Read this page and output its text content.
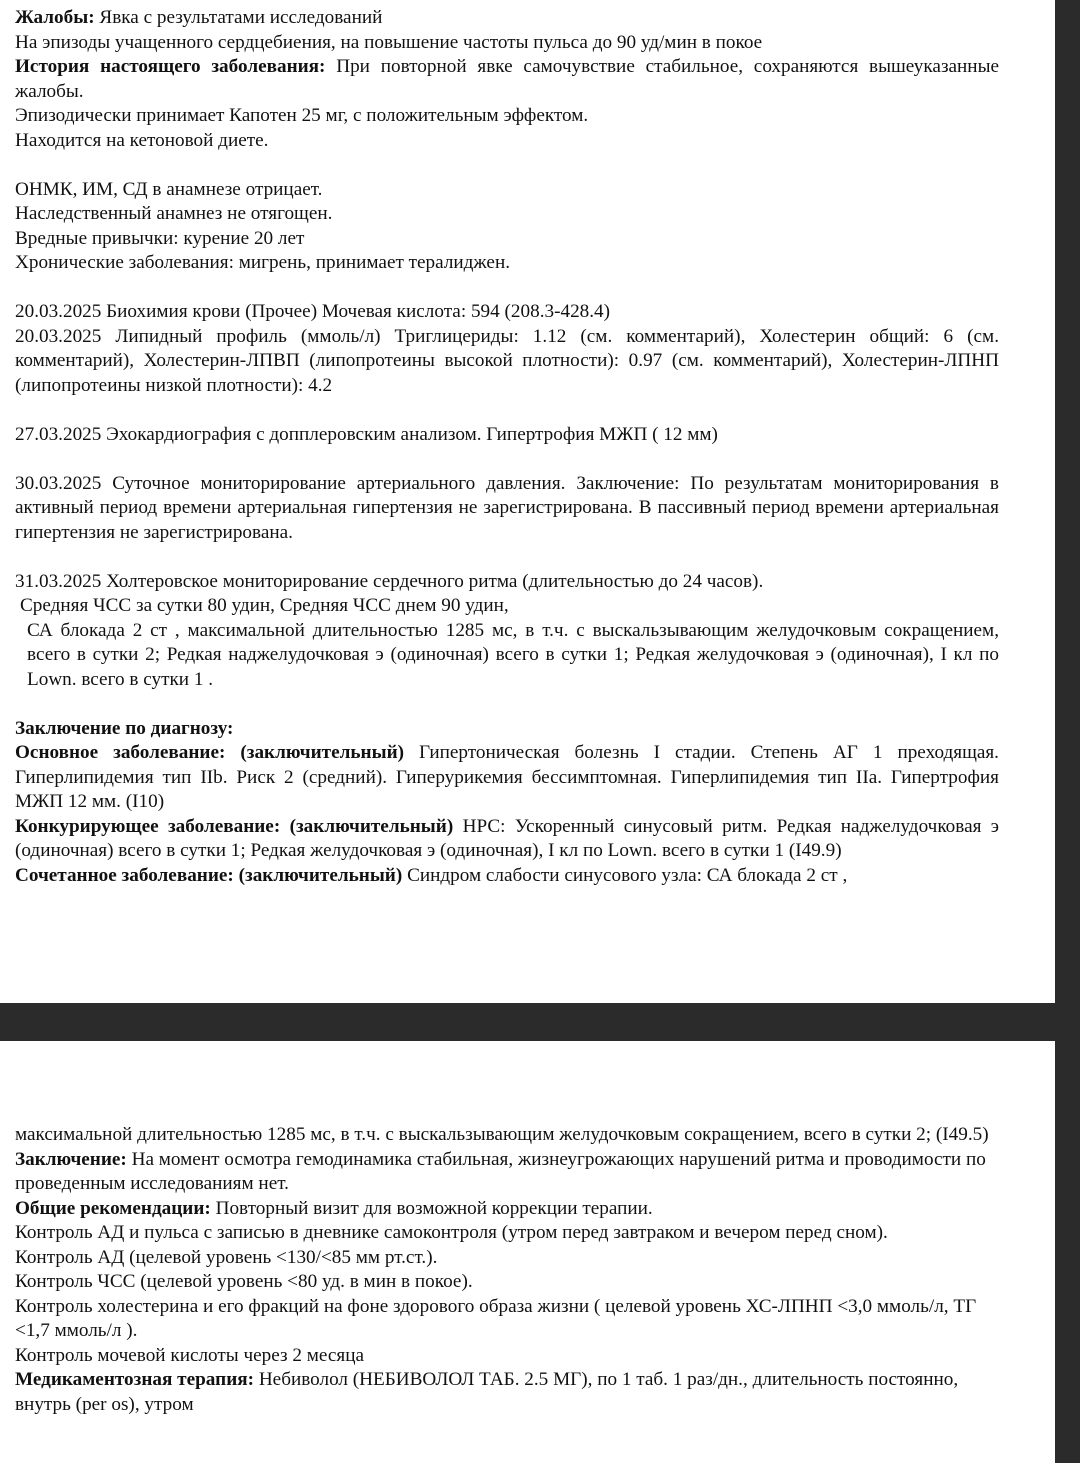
Жалобы: Явка с результатами исследований

На эпизоды учащенного сердцебиения, на повышение частоты пульса до 90 уд/мин в покое

История настоящего заболевания: При повторной явке самочувствие стабильное, сохраняются вышеуказанные жалобы.

Эпизодически принимает Капотен 25 мг, с положительным эффектом.

Находится на кетоновой диете.

ОНМК, ИМ, СД в анамнезе отрицает.

Наследственный анамнез не отягощен.

Вредные привычки: курение 20 лет

Хронические заболевания: мигрень, принимает тералиджен.

20.03.2025 Биохимия крови (Прочее) Мочевая кислота: 594 (208.3-428.4)

20.03.2025 Липидный профиль (ммоль/л) Триглицериды: 1.12 (см. комментарий), Холестерин общий: 6 (см. комментарий), Холестерин-ЛПВП (липопротеины высокой плотности): 0.97 (см. комментарий), Холестерин-ЛПНП (липопротеины низкой плотности): 4.2

27.03.2025 Эхокардиография с допплеровским анализом. Гипертрофия МЖП ( 12 мм)

30.03.2025 Суточное мониторирование артериального давления. Заключение: По результатам мониторирования в активный период времени артериальная гипертензия не зарегистрирована. В пассивный период времени артериальная гипертензия не зарегистрирована.

31.03.2025 Холтеровское мониторирование сердечного ритма (длительностью до 24 часов).

Средняя ЧСС за сутки 80 удин, Средняя ЧСС днем 90 удин,

СА блокада 2 ст , максимальной длительностью 1285 мс, в т.ч. с выскальзывающим желудочковым сокращением, всего в сутки 2; Редкая наджелудочковая э (одиночная) всего в сутки 1; Редкая желудочковая э (одиночная), I кл по Lown. всего в сутки 1 .

Заключение по диагнозу:

Основное заболевание: (заключительный) Гипертоническая болезнь I стадии. Степень АГ 1 преходящая. Гиперлипидемия тип IIb. Риск 2 (средний). Гиперурикемия бессимптомная. Гиперлипидемия тип IIa. Гипертрофия МЖП 12 мм. (I10)

Конкурирующее заболевание: (заключительный) НРС: Ускоренный синусовый ритм. Редкая наджелудочковая э (одиночная) всего в сутки 1; Редкая желудочковая э (одиночная), I кл по Lown. всего в сутки 1 (I49.9)

Сочетанное заболевание: (заключительный) Синдром слабости синусового узла: СА блокада 2 ст ,

максимальной длительностью 1285 мс, в т.ч. с выскальзывающим желудочковым сокращением, всего в сутки 2; (I49.5)

Заключение: На момент осмотра гемодинамика стабильная, жизнеугрожающих нарушений ритма и проводимости по проведенным исследованиям нет.

Общие рекомендации: Повторный визит для возможной коррекции терапии.

Контроль АД и пульса с записью в дневнике самоконтроля (утром перед завтраком и вечером перед сном).

Контроль АД (целевой уровень <130/<85 мм рт.ст.).

Контроль ЧСС (целевой уровень <80 уд. в мин в покое).

Контроль холестерина и его фракций на фоне здорового образа жизни ( целевой уровень ХС-ЛПНП <3,0 ммоль/л, ТГ <1,7 ммоль/л ).

Контроль мочевой кислоты через 2 месяца

Медикаментозная терапия: Небиволол (НЕБИВОЛОЛ ТАБ. 2.5 МГ), по 1 таб. 1 раз/дн., длительность постоянно, внутрь (per os), утром
